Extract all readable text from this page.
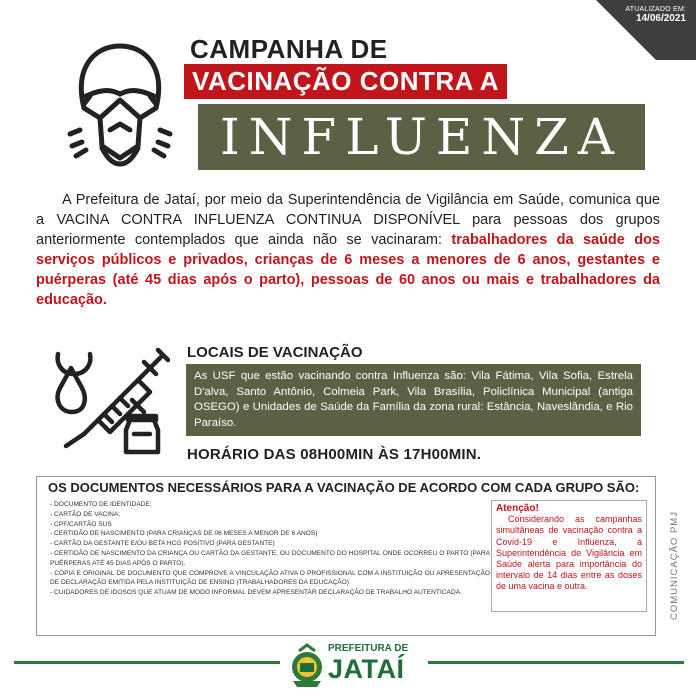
ATUALIZADO EM:
14/06/2021
CAMPANHA DE
VACINAÇÃO CONTRA A
INFLUENZA
A Prefeitura de Jataí, por meio da Superintendência de Vigilância em Saúde, comunica que a VACINA CONTRA INFLUENZA CONTINUA DISPONÍVEL para pessoas dos grupos anteriormente contemplados que ainda não se vacinaram: trabalhadores da saúde dos serviços públicos e privados, crianças de 6 meses a menores de 6 anos, gestantes e puérperas (até 45 dias após o parto), pessoas de 60 anos ou mais e trabalhadores da educação.
LOCAIS DE VACINAÇÃO
As USF que estão vacinando contra Influenza são: Vila Fátima, Vila Sofia, Estrela D'alva, Santo Antônio, Colmeia Park, Vila Brasília, Policlínica Municipal (antiga OSEGO) e Unidades de Saúde da Família da zona rural: Estância, Naveslândia, e Rio Paraíso.
HORÁRIO DAS 08H00MIN ÀS 17H00MIN.
OS DOCUMENTOS NECESSÁRIOS PARA A VACINAÇÃO DE ACORDO COM CADA GRUPO SÃO:
- DOCUMENTO DE IDENTIDADE;
- CARTÃO DE VACINA;
- CPF/CARTÃO SUS
- CERTIDÃO DE NASCIMENTO (PARA CRIANÇAS DE 06 MESES A MENOR DE 6 ANOS)
- CARTÃO DA GESTANTE E/OU BETA HCG POSITIVO (PARA GESTANTE)
- CERTIDÃO DE NASCIMENTO DA CRIANÇA OU CARTÃO DA GESTANTE, OU DOCUMENTO DO HOSPITAL ONDE OCORREU O PARTO (PARA PUÉRPERAS ATÉ 45 DIAS APÓS O PARTO).
- CÓPIA E ORIGINAL DE DOCUMENTO QUE COMPROVE A VINCULAÇÃO ATIVA O PROFISSIONAL COM A INSTITUIÇÃO OU APRESENTAÇÃO DE DECLARAÇÃO EMITIDA PELA INSTITUIÇÃO DE ENSINO (TRABALHADORES DA EDUCAÇÃO)
- CUIDADORES DE IDOSOS QUE ATUAM DE MODO INFORMAL DEVEM APRESENTAR DECLARAÇÃO DE TRABALHO AUTENTICADA.
Atenção!
Considerando as campanhas simultâneas de vacinação contra a Covid-19 e Influenza, a Superintendência de Vigilância em Saúde alerta para importância do intervalo de 14 dias entre as doses de uma vacina e outra.	COMUNICAÇÃO PMJ
PREFEITURA DE
JATAÍ
